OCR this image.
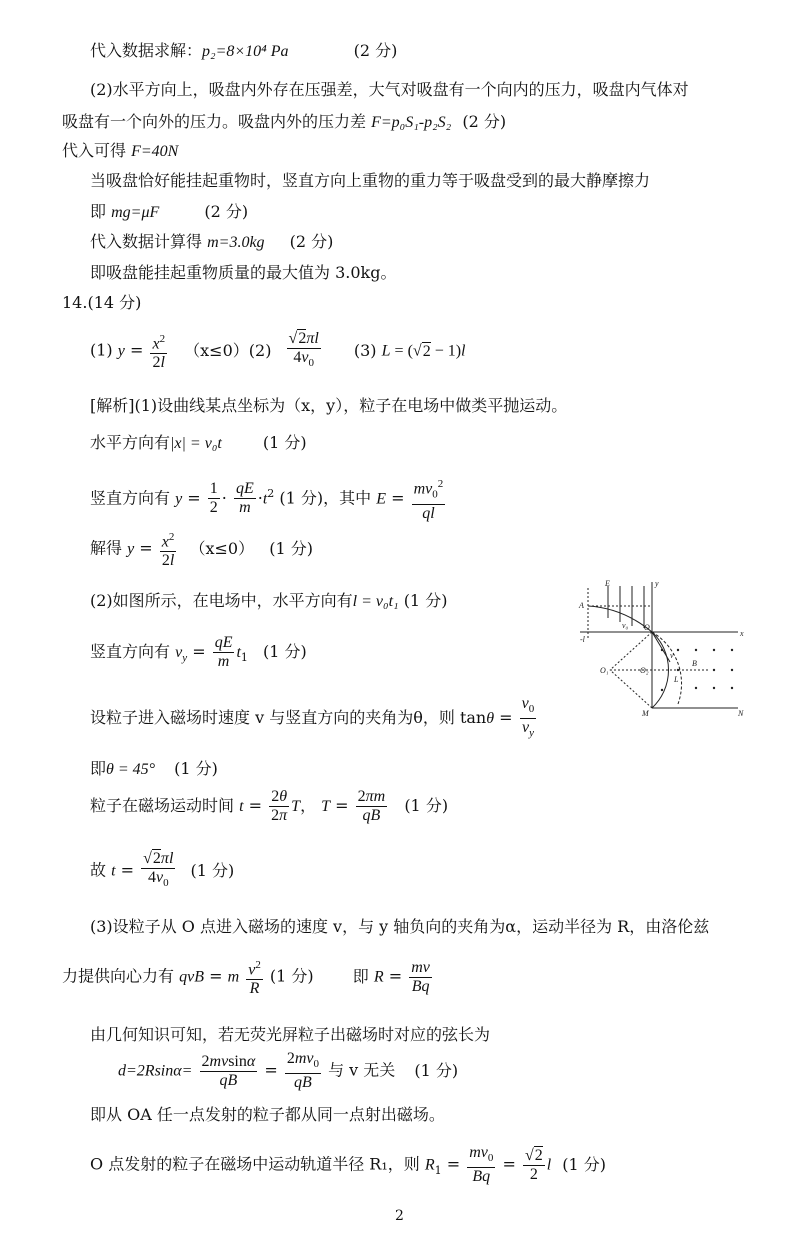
代入数据求解：p₂=8×10⁴ Pa	(2 分)
(2)水平方向上，吸盘内外存在压强差，大气对吸盘有一个向内的压力，吸盘内气体对
吸盘有一个向外的压力。吸盘内外的压力差 F=p₀S₁-p₂S₂ (2 分)
代入可得 F=40N
当吸盘恰好能挂起重物时，竖直方向上重物的重力等于吸盘受到的最大静摩擦力
即 mg=μF	(2 分)
代入数据计算得 m=3.0kg (2 分)
即吸盘能挂起重物质量的最大值为 3.0kg。
14.(14 分)
(1) $y = \frac{x^2}{2l} (x\le 0)(2) \frac{√2\pi l}{4v_0} (3) L = (√2 - 1)l$
[解析](1)设曲线某点坐标为（x，y），粒子在电场中做类平抛运动。
水平方向有|x| = v₀t	(1 分)
竖直方向有 $y = \frac{1}{2} \cdot \frac{qE}{m} \cdot t^2$ (1 分)，其中 $E = \frac{mv_0^2}{ql}$
解得 $y = \frac{x^2}{2l} (x\le 0)$ (1 分)
(2)如图所示，在电场中，水平方向有l = v₀t₁ (1 分)
竖直方向有 $v_y = \frac{qE}{m} t_1$ (1 分)
设粒子进入磁场时速度 v 与竖直方向的夹角为θ，则 $\tan\theta = \frac{v_0}{v_y}$
即θ = 45° (1 分)
粒子在磁场运动时间 $t = \frac{2\theta}{2\pi}$ T， $T = \frac{2\pi m}{qB} (1$ 分)
故 $t = \frac{√2\pi l}{4v_0} (1$ 分)
(3)设粒子从 O 点进入磁场的速度 v，与 y 轴负向的夹角为α，运动半径为 R，由洛伦兹
力提供向心力有 qvB = m $\frac{v^2}{R} (1$ 分) 即 $R = \frac{mv}{Bq}$
由几何知识可知，若无荧光屏粒子出磁场时对应的弦长为
$d=2Rsin\alpha= \frac{2mvsin\alpha}{qB} = \frac{2mv_0}{qB}$ 与 v 无关 (1 分)
即从 OA 任一点发射的粒子都从同一点射出磁场。
O 点发射的粒子在磁场中运动轨道半径 R₁，则 $R_1 = \frac{mv_0}{Bq} = \frac{√2}{2}$ l (1 分)
E	y
A
O
x
-l
O₁	O₂
v
B
L
M	N
v₀
2
